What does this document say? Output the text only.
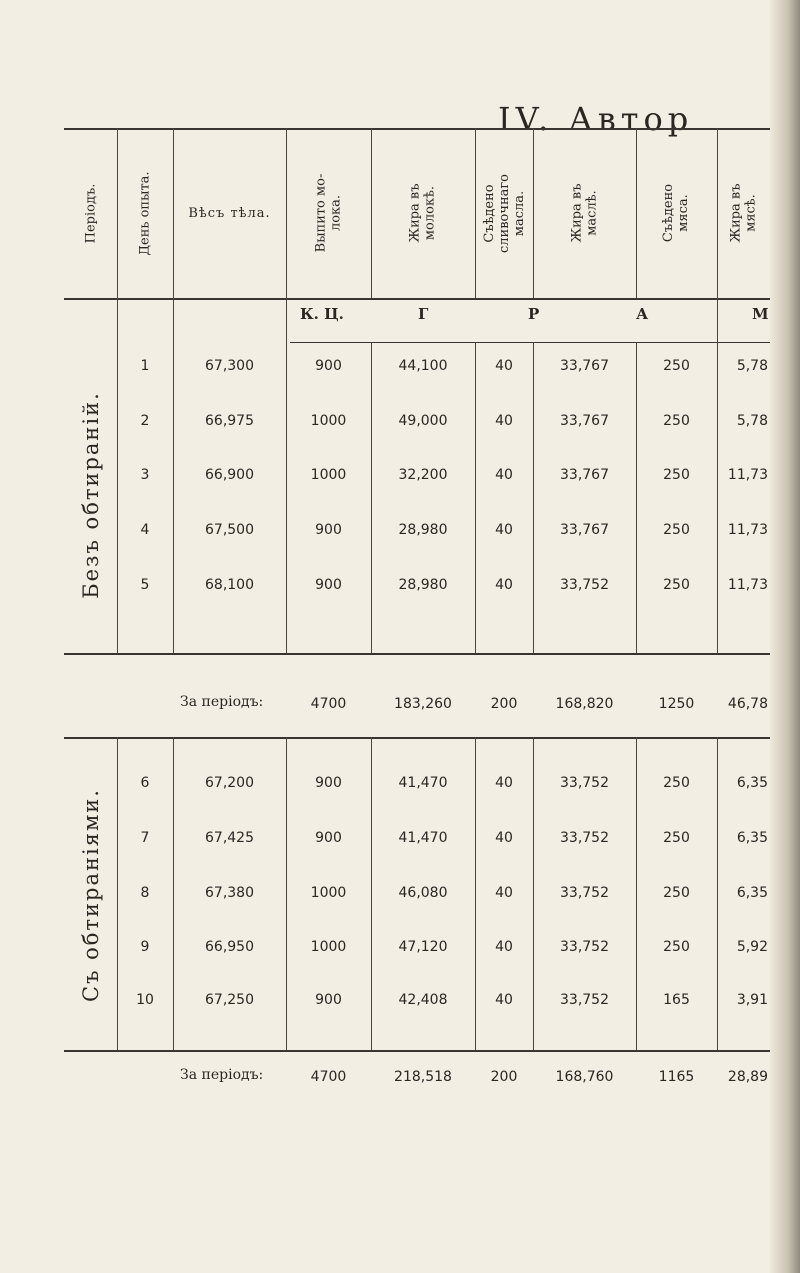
IV. Автор
Періодъ.	День опыта.	Вѣсъ тѣла.	Выпито мо- лока.	Жира въ молокѣ.	Съѣдено сливочнаго масла.	Жира въ маслѣ.	Съѣдено мяса.	Жира въ мясѣ.
К. Ц.	Г	Р	А	М
Безъ обтираній.
Съ обтираніями.
1	67,300	900	44,100	40	33,767	250	5,78
2	66,975	1000	49,000	40	33,767	250	5,78
3	66,900	1000	32,200	40	33,767	250	11,73
4	67,500	900	28,980	40	33,767	250	11,73
5	68,100	900	28,980	40	33,752	250	11,73
6	67,200	900	41,470	40	33,752	250	6,35
7	67,425	900	41,470	40	33,752	250	6,35
8	67,380	1000	46,080	40	33,752	250	6,35
9	66,950	1000	47,120	40	33,752	250	5,92
10	67,250	900	42,408	40	33,752	165	3,91
За періодъ:	4700	183,260	200	168,820	1250	46,78
За періодъ:	4700	218,518	200	168,760	1165	28,89
